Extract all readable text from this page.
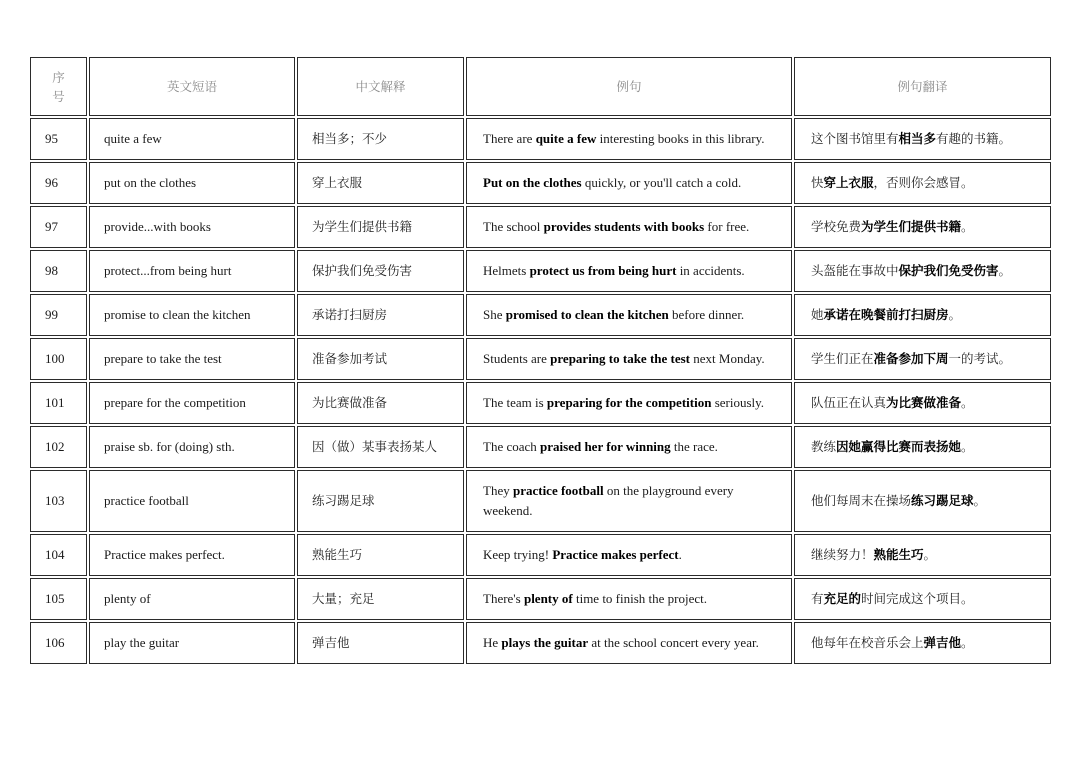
序
号	英文短语	中文解释	例句	例句翻译
95	quite a few	相当多；不少	There are quite a few interesting books in this library.	这个图书馆里有相当多有趣的书籍。
96	put on the clothes	穿上衣服	Put on the clothes quickly, or you'll catch a cold.	快穿上衣服，否则你会感冒。
97	provide...with books	为学生们提供书籍	The school provides students with books for free.	学校免费为学生们提供书籍。
98	protect...from being hurt	保护我们免受伤害	Helmets protect us from being hurt in accidents.	头盔能在事故中保护我们免受伤害。
99	promise to clean the kitchen	承诺打扫厨房	She promised to clean the kitchen before dinner.	她承诺在晚餐前打扫厨房。
100	prepare to take the test	准备参加考试	Students are preparing to take the test next Monday.	学生们正在准备参加下周一的考试。
101	prepare for the competition	为比赛做准备	The team is preparing for the competition seriously.	队伍正在认真为比赛做准备。
102	praise sb. for (doing) sth.	因（做）某事表扬某人	The coach praised her for winning the race.	教练因她赢得比赛而表扬她。
103	practice football	练习踢足球	They practice football on the playground every weekend.	他们每周末在操场练习踢足球。
104	Practice makes perfect.	熟能生巧	Keep trying! Practice makes perfect.	继续努力！熟能生巧。
105	plenty of	大量；充足	There's plenty of time to finish the project.	有充足的时间完成这个项目。
106	play the guitar	弹吉他	He plays the guitar at the school concert every year.	他每年在校音乐会上弹吉他。
